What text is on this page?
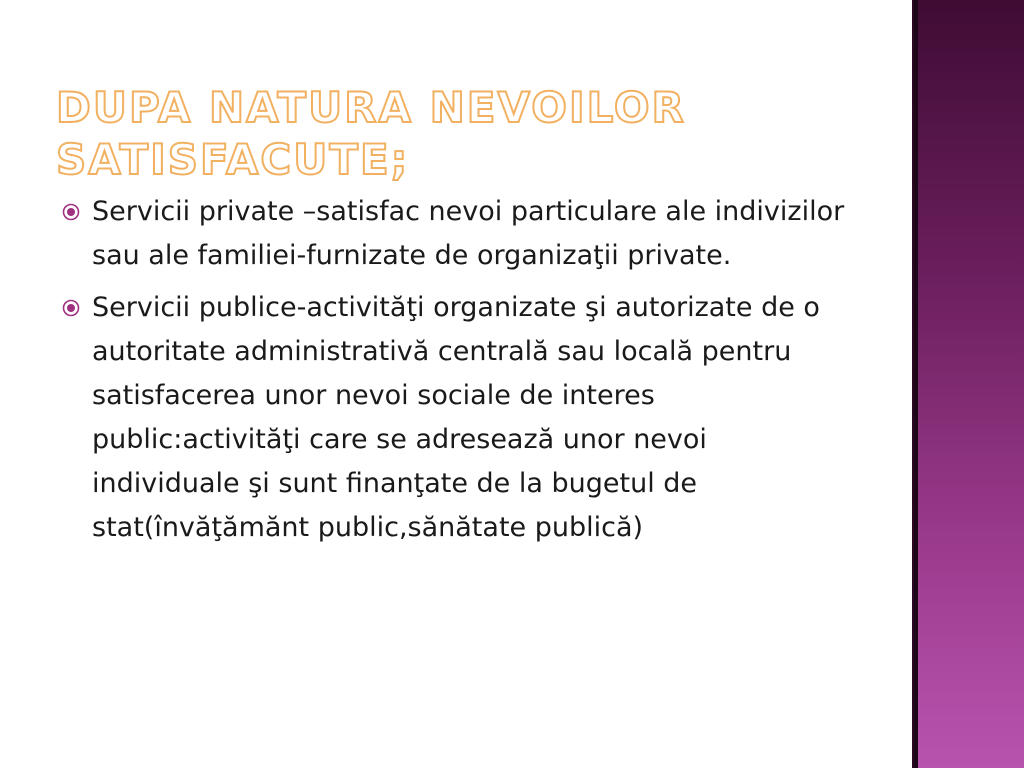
DUPA NATURA NEVOILOR SATISFACUTE;
Servicii private –satisfac nevoi particulare ale indivizilor sau ale familiei-furnizate de organizaţii private.
Servicii publice-activităţi organizate şi autorizate de o autoritate administrativă centrală sau locală pentru satisfacerea unor nevoi sociale de interes public:activităţi care se adresează unor nevoi individuale şi sunt finanţate de la bugetul de stat(învăţămănt public,sănătate publică)
